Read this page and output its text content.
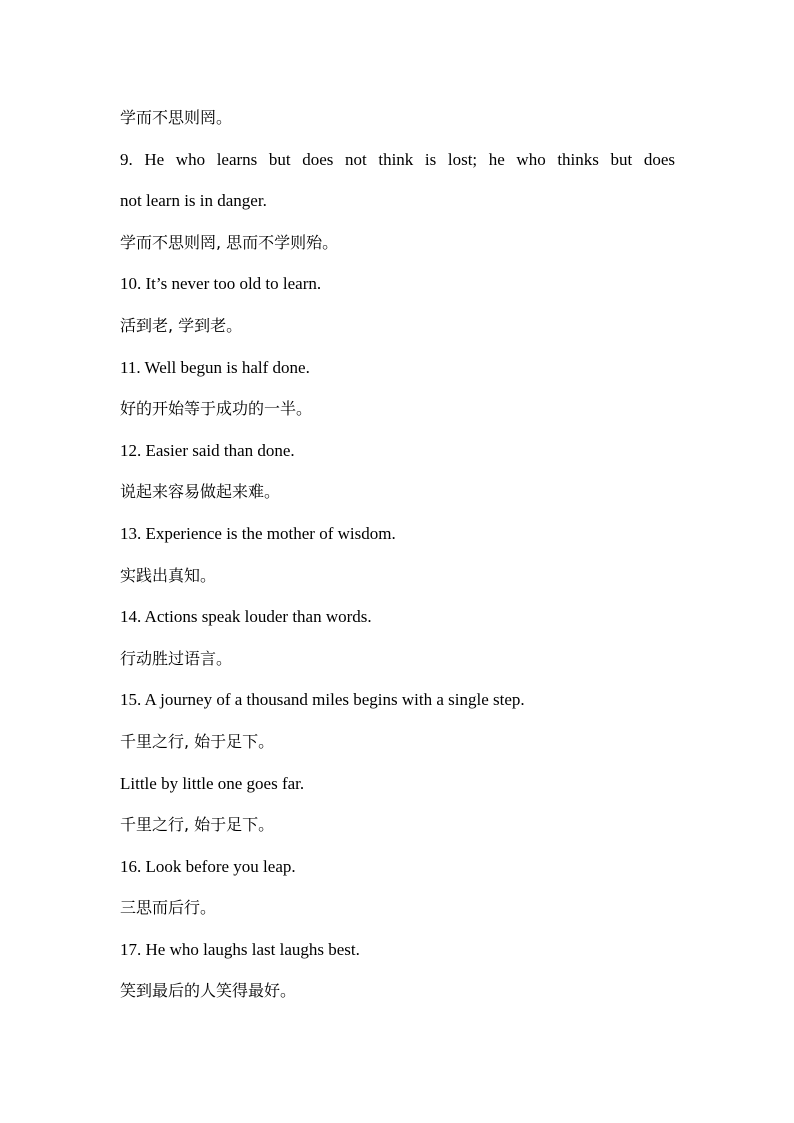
学而不思则罔。
9. He who learns but does not think is lost; he who thinks but does
not learn is in danger.
学而不思则罔, 思而不学则殆。
10. It’s never too old to learn.
活到老, 学到老。
11. Well begun is half done.
好的开始等于成功的一半。
12. Easier said than done.
说起来容易做起来难。
13. Experience is the mother of wisdom.
实践出真知。
14. Actions speak louder than words.
行动胜过语言。
15. A journey of a thousand miles begins with a single step.
千里之行, 始于足下。
Little by little one goes far.
千里之行, 始于足下。
16. Look before you leap.
三思而后行。
17. He who laughs last laughs best.
笑到最后的人笑得最好。
